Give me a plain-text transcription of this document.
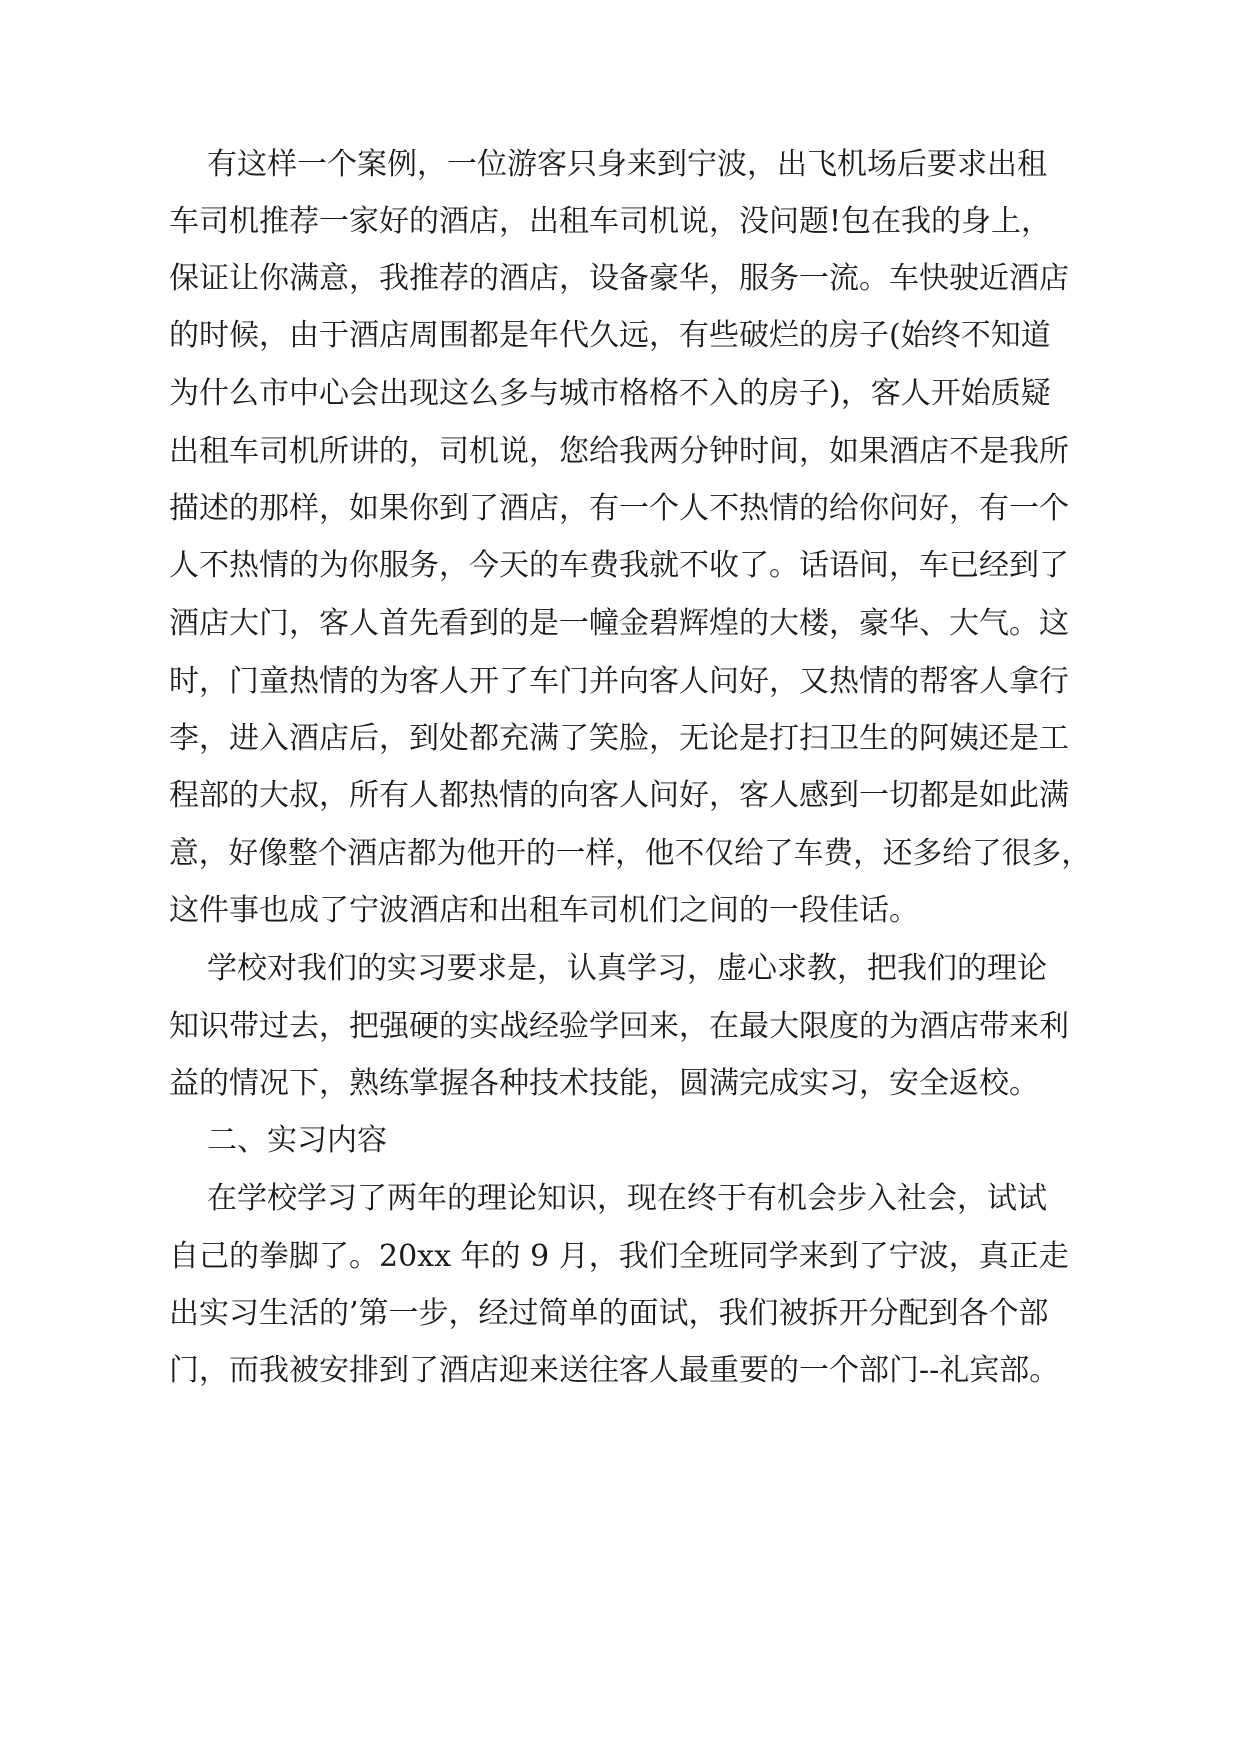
有这样一个案例，一位游客只身来到宁波，出飞机场后要求出租
车司机推荐一家好的酒店，出租车司机说，没问题!包在我的身上，
保证让你满意，我推荐的酒店，设备豪华，服务一流。车快驶近酒店
的时候，由于酒店周围都是年代久远，有些破烂的房子(始终不知道
为什么市中心会出现这么多与城市格格不入的房子)，客人开始质疑
出租车司机所讲的，司机说，您给我两分钟时间，如果酒店不是我所
描述的那样，如果你到了酒店，有一个人不热情的给你问好，有一个
人不热情的为你服务，今天的车费我就不收了。话语间，车已经到了
酒店大门，客人首先看到的是一幢金碧辉煌的大楼，豪华、大气。这
时，门童热情的为客人开了车门并向客人问好，又热情的帮客人拿行
李，进入酒店后，到处都充满了笑脸，无论是打扫卫生的阿姨还是工
程部的大叔，所有人都热情的向客人问好，客人感到一切都是如此满
意，好像整个酒店都为他开的一样，他不仅给了车费，还多给了很多，
这件事也成了宁波酒店和出租车司机们之间的一段佳话。
学校对我们的实习要求是，认真学习，虚心求教，把我们的理论
知识带过去，把强硬的实战经验学回来，在最大限度的为酒店带来利
益的情况下，熟练掌握各种技术技能，圆满完成实习，安全返校。
二、实习内容
在学校学习了两年的理论知识，现在终于有机会步入社会，试试
自己的拳脚了。20xx 年的 9 月，我们全班同学来到了宁波，真正走
出实习生活的’第一步，经过简单的面试，我们被拆开分配到各个部
门，而我被安排到了酒店迎来送往客人最重要的一个部门--礼宾部。
